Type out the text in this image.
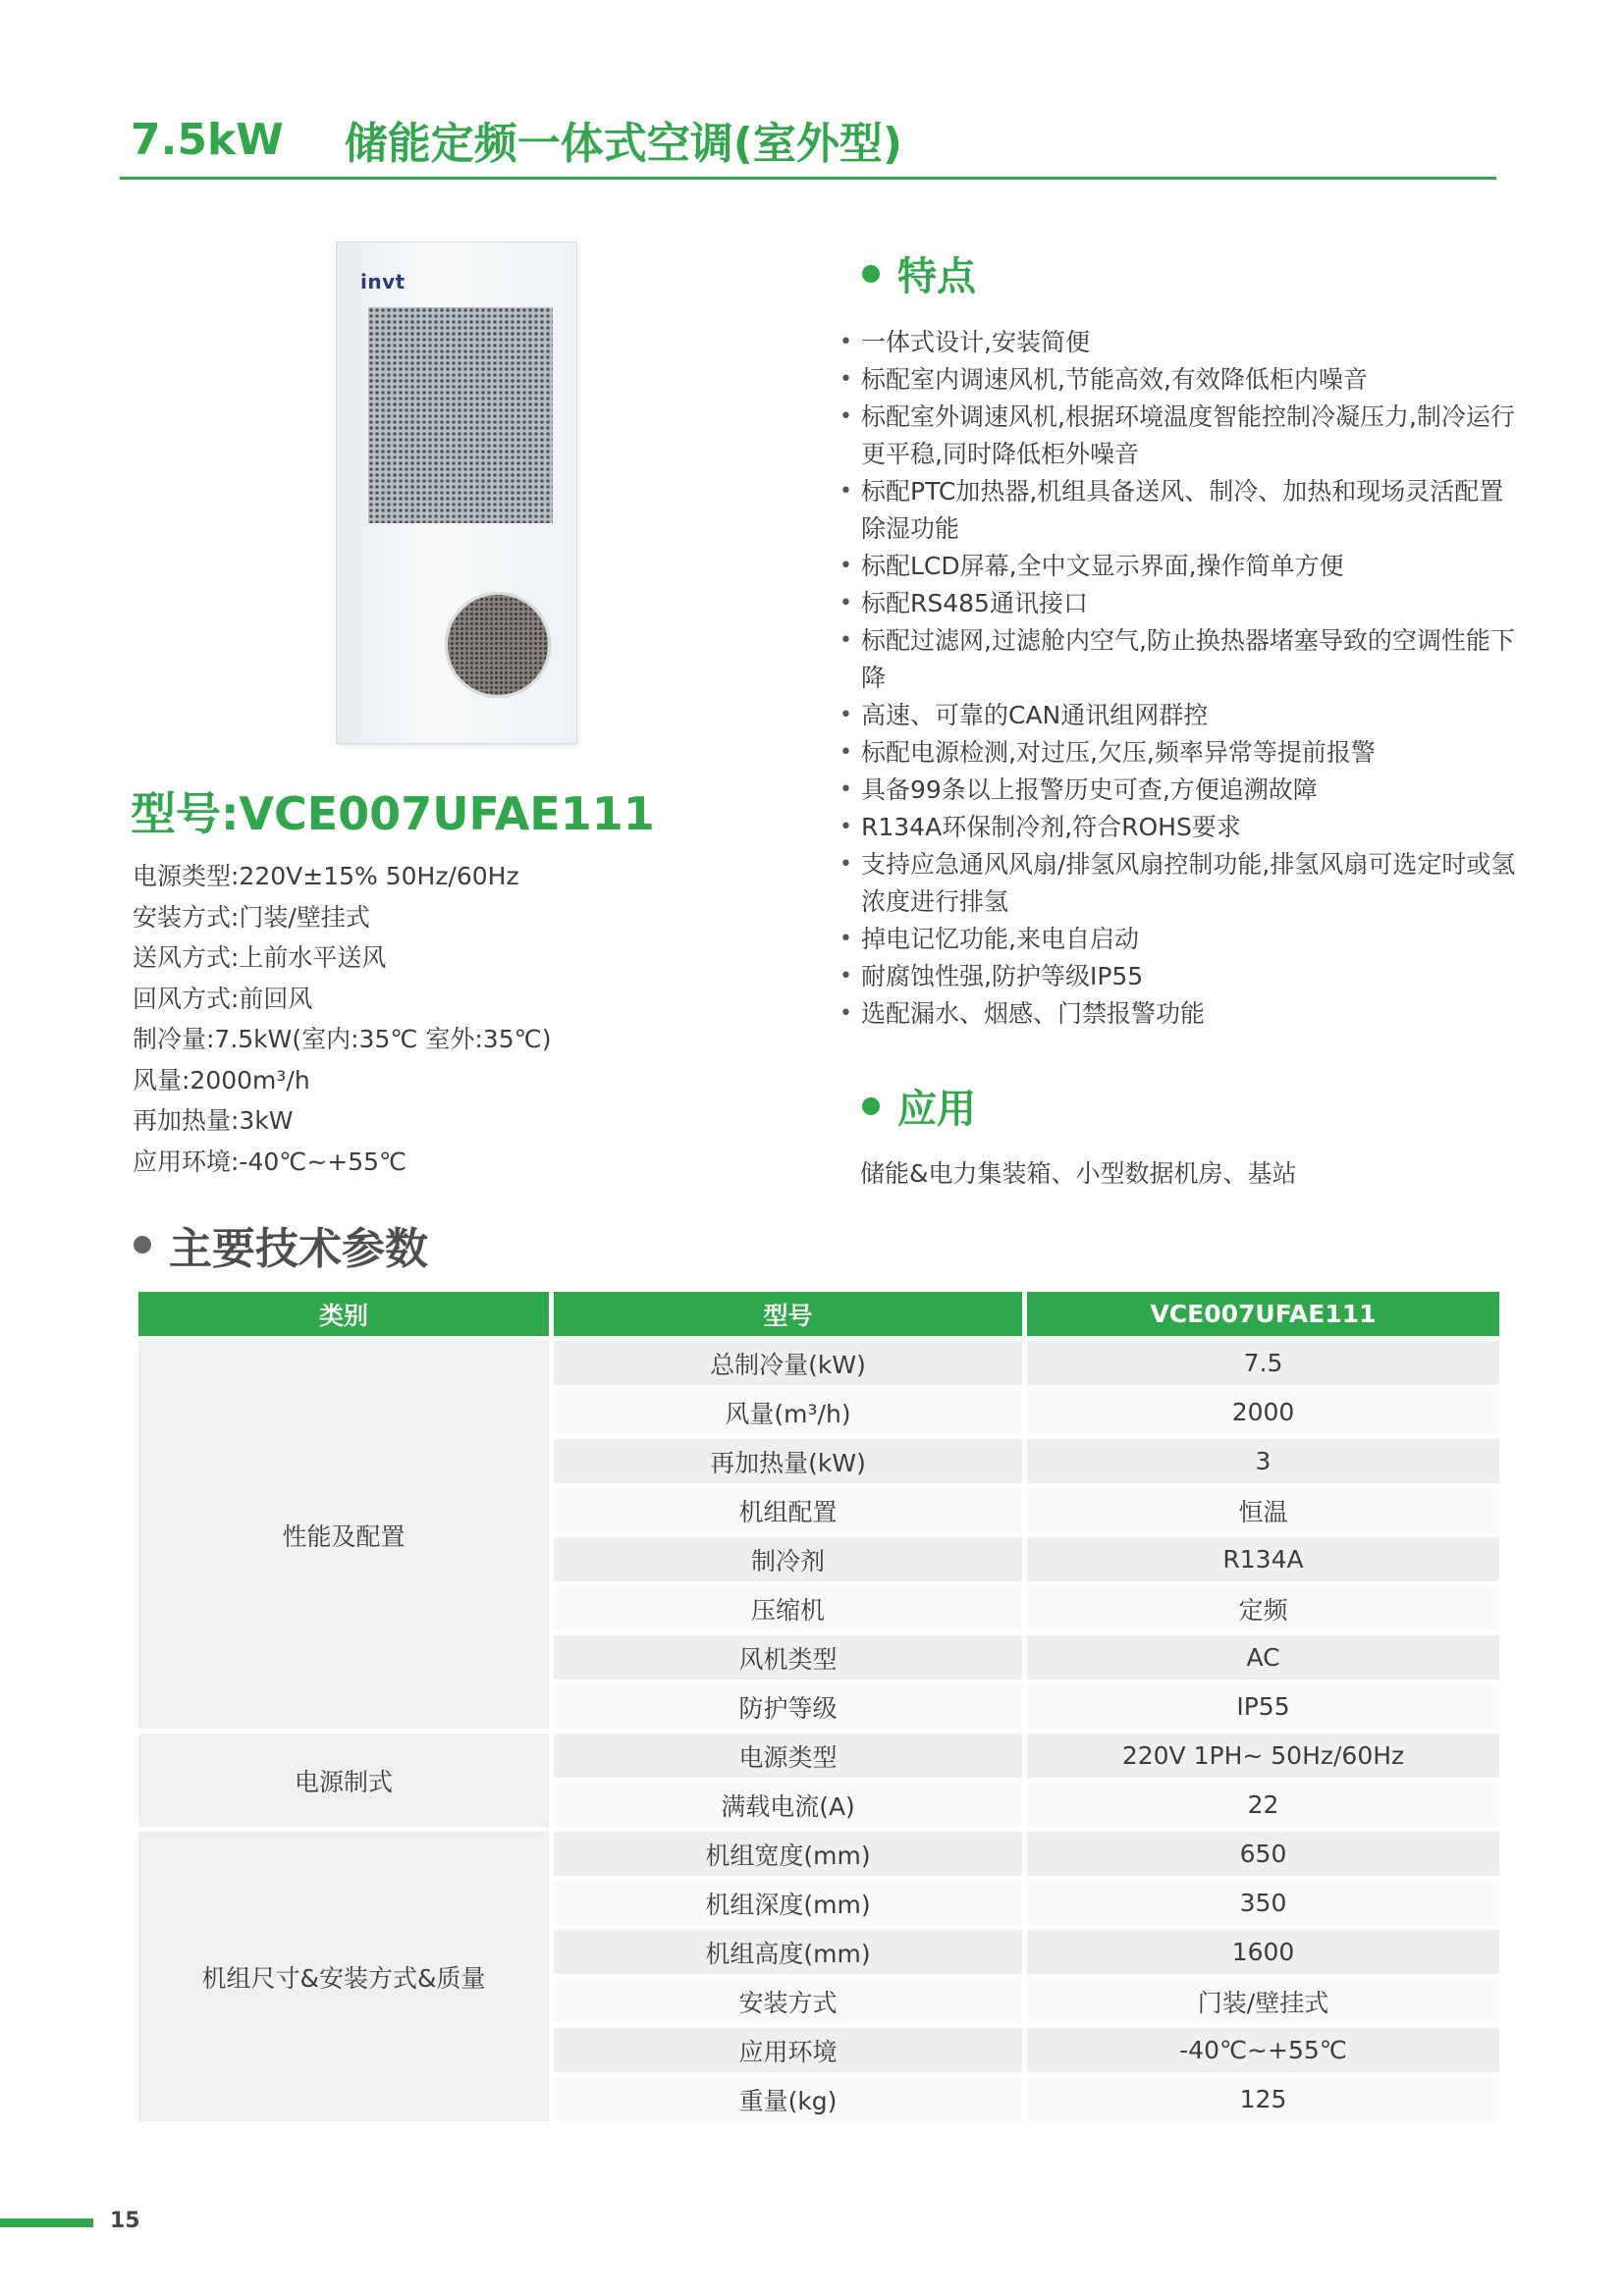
7.5kW 储能定频一体式空调(室外型)
invt	特点
• 一体式设计,安装简便
• 标配室内调速风机,节能高效,有效降低柜内噪音
• 标配室外调速风机,根据环境温度智能控制冷凝压力,制冷运行更平稳,同时降低柜外噪音
• 标配PTC加热器,机组具备送风、制冷、加热和现场灵活配置除湿功能
• 标配LCD屏幕,全中文显示界面,操作简单方便
• 标配RS485通讯接口
• 标配过滤网,过滤舱内空气,防止换热器堵塞导致的空调性能下降
• 高速、可靠的CAN通讯组网群控
• 标配电源检测,对过压,欠压,频率异常等提前报警
• 具备99条以上报警历史可查,方便追溯故障
• R134A环保制冷剂,符合ROHS要求
• 支持应急通风风扇/排氢风扇控制功能,排氢风扇可选定时或氢浓度进行排氢
• 掉电记忆功能,来电自启动
• 耐腐蚀性强,防护等级IP55
• 选配漏水、烟感、门禁报警功能
应用
储能&电力集装箱、小型数据机房、基站
型号:VCE007UFAE111
电源类型:220V±15% 50Hz/60Hz
安装方式:门装/壁挂式
送风方式:上前水平送风
回风方式:前回风
制冷量:7.5kW(室内:35℃ 室外:35℃)
风量:2000m³/h
再加热量:3kW
应用环境:-40℃~+55℃
主要技术参数
类别	型号	VCE007UFAE111
性能及配置	总制冷量(kW)	7.5
	风量(m³/h)	2000
	再加热量(kW)	3
	机组配置	恒温
	制冷剂	R134A
	压缩机	定频
	风机类型	AC
	防护等级	IP55
电源制式	电源类型	220V 1PH~ 50Hz/60Hz
	满载电流(A)	22
机组尺寸&安装方式&质量	机组宽度(mm)	650
	机组深度(mm)	350
	机组高度(mm)	1600
	安装方式	门装/壁挂式
	应用环境	-40℃~+55℃
	重量(kg)	125
15
